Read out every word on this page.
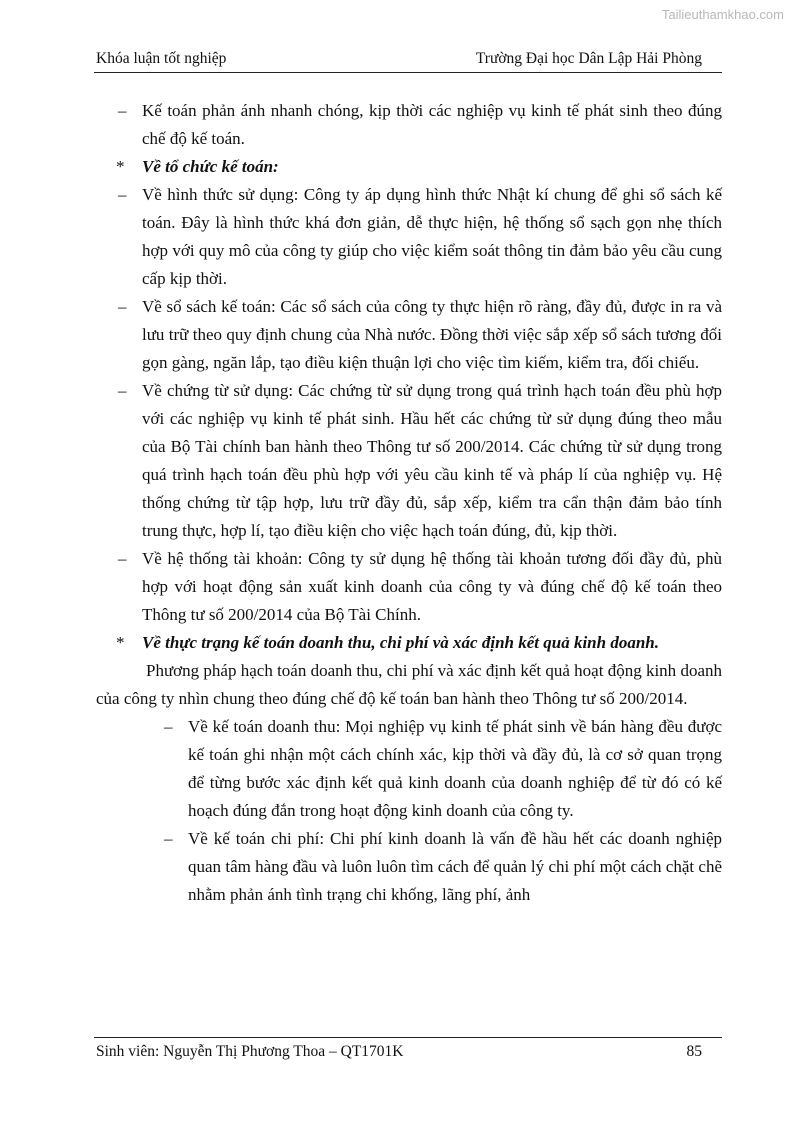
Tailieuthamkhao.com
Khóa luận tốt nghiệp	Trường Đại học Dân Lập Hải Phòng
– Kế toán phản ánh nhanh chóng, kịp thời các nghiệp vụ kinh tế phát sinh theo đúng chế độ kế toán.
* Về tổ chức kế toán:
– Về hình thức sử dụng: Công ty áp dụng hình thức Nhật kí chung để ghi sổ sách kế toán. Đây là hình thức khá đơn giản, dễ thực hiện, hệ thống sổ sạch gọn nhẹ thích hợp với quy mô của công ty giúp cho việc kiểm soát thông tin đảm bảo yêu cầu cung cấp kịp thời.
– Về sổ sách kế toán: Các sổ sách của công ty thực hiện rõ ràng, đầy đủ, được in ra và lưu trữ theo quy định chung của Nhà nước. Đồng thời việc sắp xếp sổ sách tương đối gọn gàng, ngăn lắp, tạo điều kiện thuận lợi cho việc tìm kiếm, kiểm tra, đối chiếu.
– Về chứng từ sử dụng: Các chứng từ sử dụng trong quá trình hạch toán đều phù hợp với các nghiệp vụ kinh tế phát sinh. Hầu hết các chứng từ sử dụng đúng theo mẫu của Bộ Tài chính ban hành theo Thông tư số 200/2014. Các chứng từ sử dụng trong quá trình hạch toán đều phù hợp với yêu cầu kinh tế và pháp lí của nghiệp vụ. Hệ thống chứng từ tập hợp, lưu trữ đầy đủ, sắp xếp, kiểm tra cẩn thận đảm bảo tính trung thực, hợp lí, tạo điều kiện cho việc hạch toán đúng, đủ, kịp thời.
– Về hệ thống tài khoản: Công ty sử dụng hệ thống tài khoản tương đối đầy đủ, phù hợp với hoạt động sản xuất kinh doanh của công ty và đúng chế độ kế toán theo Thông tư số 200/2014 của Bộ Tài Chính.
* Về thực trạng kế toán doanh thu, chi phí và xác định kết quả kinh doanh.
Phương pháp hạch toán doanh thu, chi phí và xác định kết quả hoạt động kinh doanh của công ty nhìn chung theo đúng chế độ kế toán ban hành theo Thông tư số 200/2014.
– Về kế toán doanh thu: Mọi nghiệp vụ kinh tế phát sinh về bán hàng đều được kế toán ghi nhận một cách chính xác, kịp thời và đầy đủ, là cơ sở quan trọng để từng bước xác định kết quả kinh doanh của doanh nghiệp để từ đó có kế hoạch đúng đắn trong hoạt động kinh doanh của công ty.
– Về kế toán chi phí: Chi phí kinh doanh là vấn đề hầu hết các doanh nghiệp quan tâm hàng đầu và luôn luôn tìm cách để quản lý chi phí một cách chặt chẽ nhằm phản ánh tình trạng chi khống, lãng phí, ảnh
Sinh viên: Nguyễn Thị Phương Thoa – QT1701K	85
